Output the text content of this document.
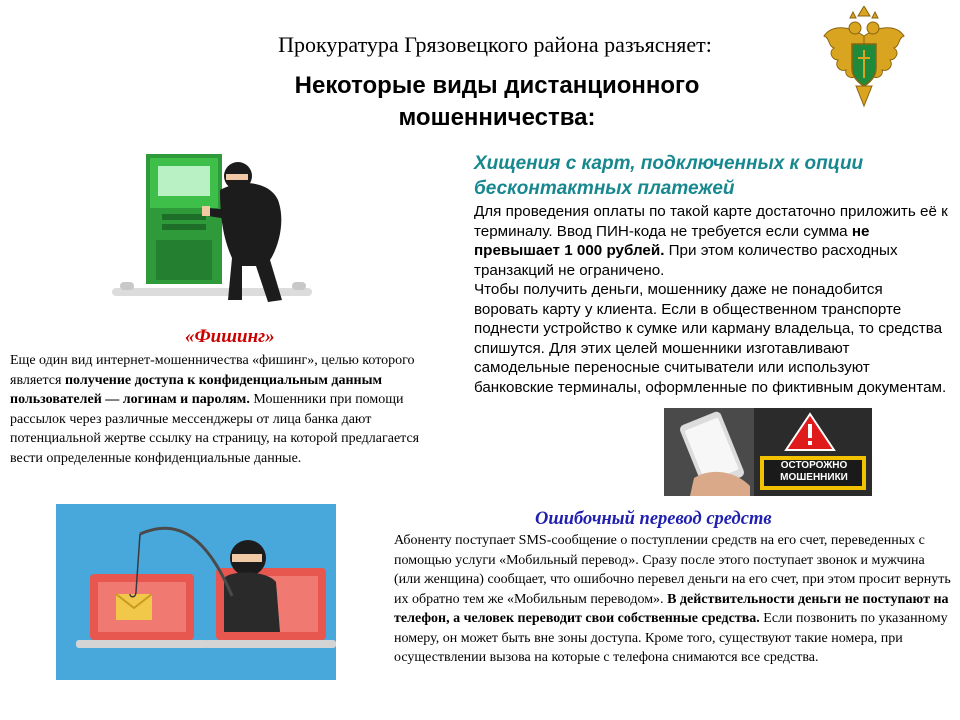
Прокуратура Грязовецкого района разъясняет:
Некоторые виды дистанционного мошенничества:
Хищения с карт, подключенных к опции бесконтактных платежей

Для проведения оплаты по такой карте достаточно приложить её к терминалу. Ввод ПИН-кода не требуется если сумма не превышает 1 000 рублей. При этом количество расходных транзакций не ограничено.

Чтобы получить деньги, мошеннику даже не понадобится воровать карту у клиента. Если в общественном транспорте поднести устройство к сумке или карману владельца, то средства спишутся. Для этих целей мошенники изготавливают самодельные переносные считыватели или используют банковские терминалы, оформленные по фиктивным документам.

ОСТОРОЖНО
МОШЕННИКИ
«Фишинг»
Еще один вид интернет-мошенничества «фишинг», целью которого является получение доступа к конфиденциальным данным пользователей — логинам и паролям. Мошенники при помощи рассылок через различные мессенджеры от лица банка дают потенциальной жертве ссылку на страницу, на которой предлагается вести определенные конфиденциальные данные.
Ошибочный перевод средств
Абоненту поступает SMS-сообщение о поступлении средств на его счет, переведенных с помощью услуги «Мобильный перевод». Сразу после этого поступает звонок и мужчина (или женщина) сообщает, что ошибочно перевел деньги на его счет, при этом просит вернуть их обратно тем же «Мобильным переводом». В действительности деньги не поступают на телефон, а человек переводит свои собственные средства. Если позвонить по указанному номеру, он может быть вне зоны доступа. Кроме того, существуют такие номера, при осуществлении вызова на которые с телефона снимаются все средства.
